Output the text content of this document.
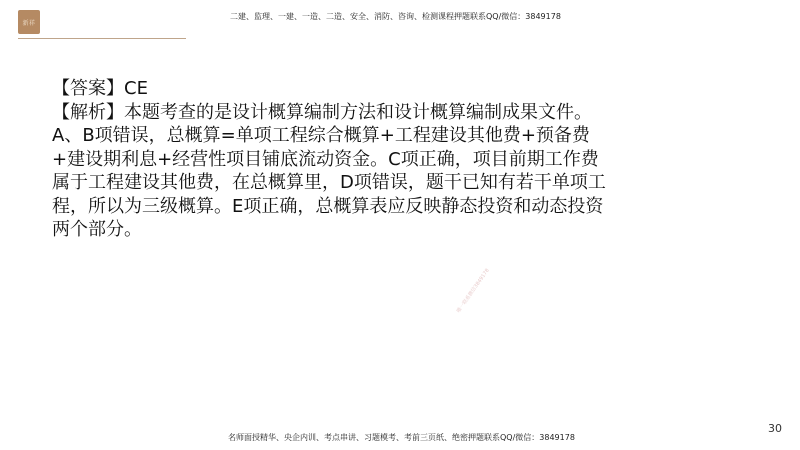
新祥
二建、监理、一建、一造、二造、安全、消防、咨询、检测课程押题联系QQ/微信：3849178

【答案】CE

【解析】本题考查的是设计概算编制方法和设计概算编制成果文件。A、B项错误，总概算=单项工程综合概算+工程建设其他费+预备费+建设期利息+经营性项目铺底流动资金。C项正确，项目前期工作费属于工程建设其他费，在总概算里，D项错误，题干已知有若干单项工程，所以为三级概算。E项正确，总概算表应反映静态投资和动态投资两个部分。

唯一联系微信3849178
30
名师面授精华、央企内训、考点串讲、习题模考、考前三页纸、绝密押题联系QQ/微信：3849178
